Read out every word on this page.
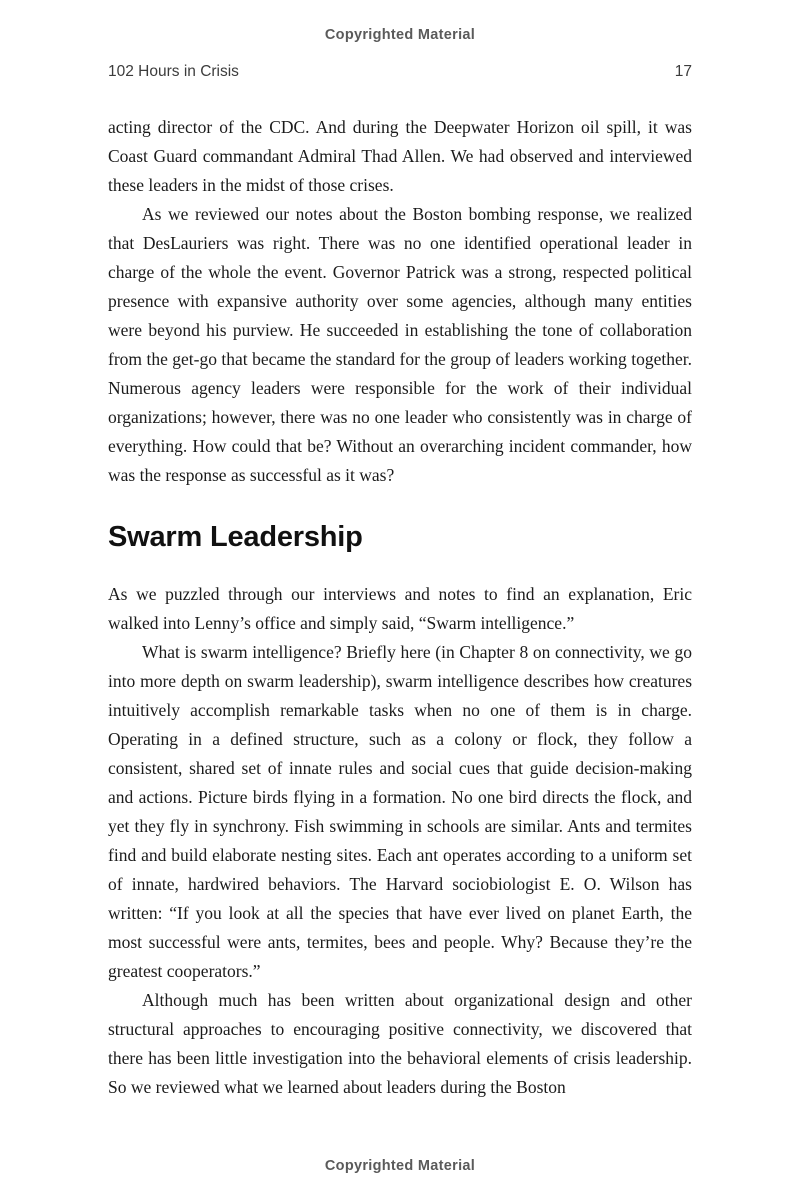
Copyrighted Material
102 Hours in Crisis	17

acting director of the CDC. And during the Deepwater Horizon oil spill, it was Coast Guard commandant Admiral Thad Allen. We had observed and interviewed these leaders in the midst of those crises.

As we reviewed our notes about the Boston bombing response, we realized that DesLauriers was right. There was no one identified operational leader in charge of the whole the event. Governor Patrick was a strong, respected political presence with expansive authority over some agencies, although many entities were beyond his purview. He succeeded in establishing the tone of collaboration from the get-go that became the standard for the group of leaders working together. Numerous agency leaders were responsible for the work of their individual organizations; however, there was no one leader who consistently was in charge of everything. How could that be? Without an overarching incident commander, how was the response as successful as it was?

Swarm Leadership

As we puzzled through our interviews and notes to find an explanation, Eric walked into Lenny’s office and simply said, “Swarm intelligence.”

What is swarm intelligence? Briefly here (in Chapter 8 on connectivity, we go into more depth on swarm leadership), swarm intelligence describes how creatures intuitively accomplish remarkable tasks when no one of them is in charge. Operating in a defined structure, such as a colony or flock, they follow a consistent, shared set of innate rules and social cues that guide decision-making and actions. Picture birds flying in a formation. No one bird directs the flock, and yet they fly in synchrony. Fish swimming in schools are similar. Ants and termites find and build elaborate nesting sites. Each ant operates according to a uniform set of innate, hardwired behaviors. The Harvard sociobiologist E. O. Wilson has written: “If you look at all the species that have ever lived on planet Earth, the most successful were ants, termites, bees and people. Why? Because they’re the greatest cooperators.”

Although much has been written about organizational design and other structural approaches to encouraging positive connectivity, we discovered that there has been little investigation into the behavioral elements of crisis leadership. So we reviewed what we learned about leaders during the Boston

Copyrighted Material
